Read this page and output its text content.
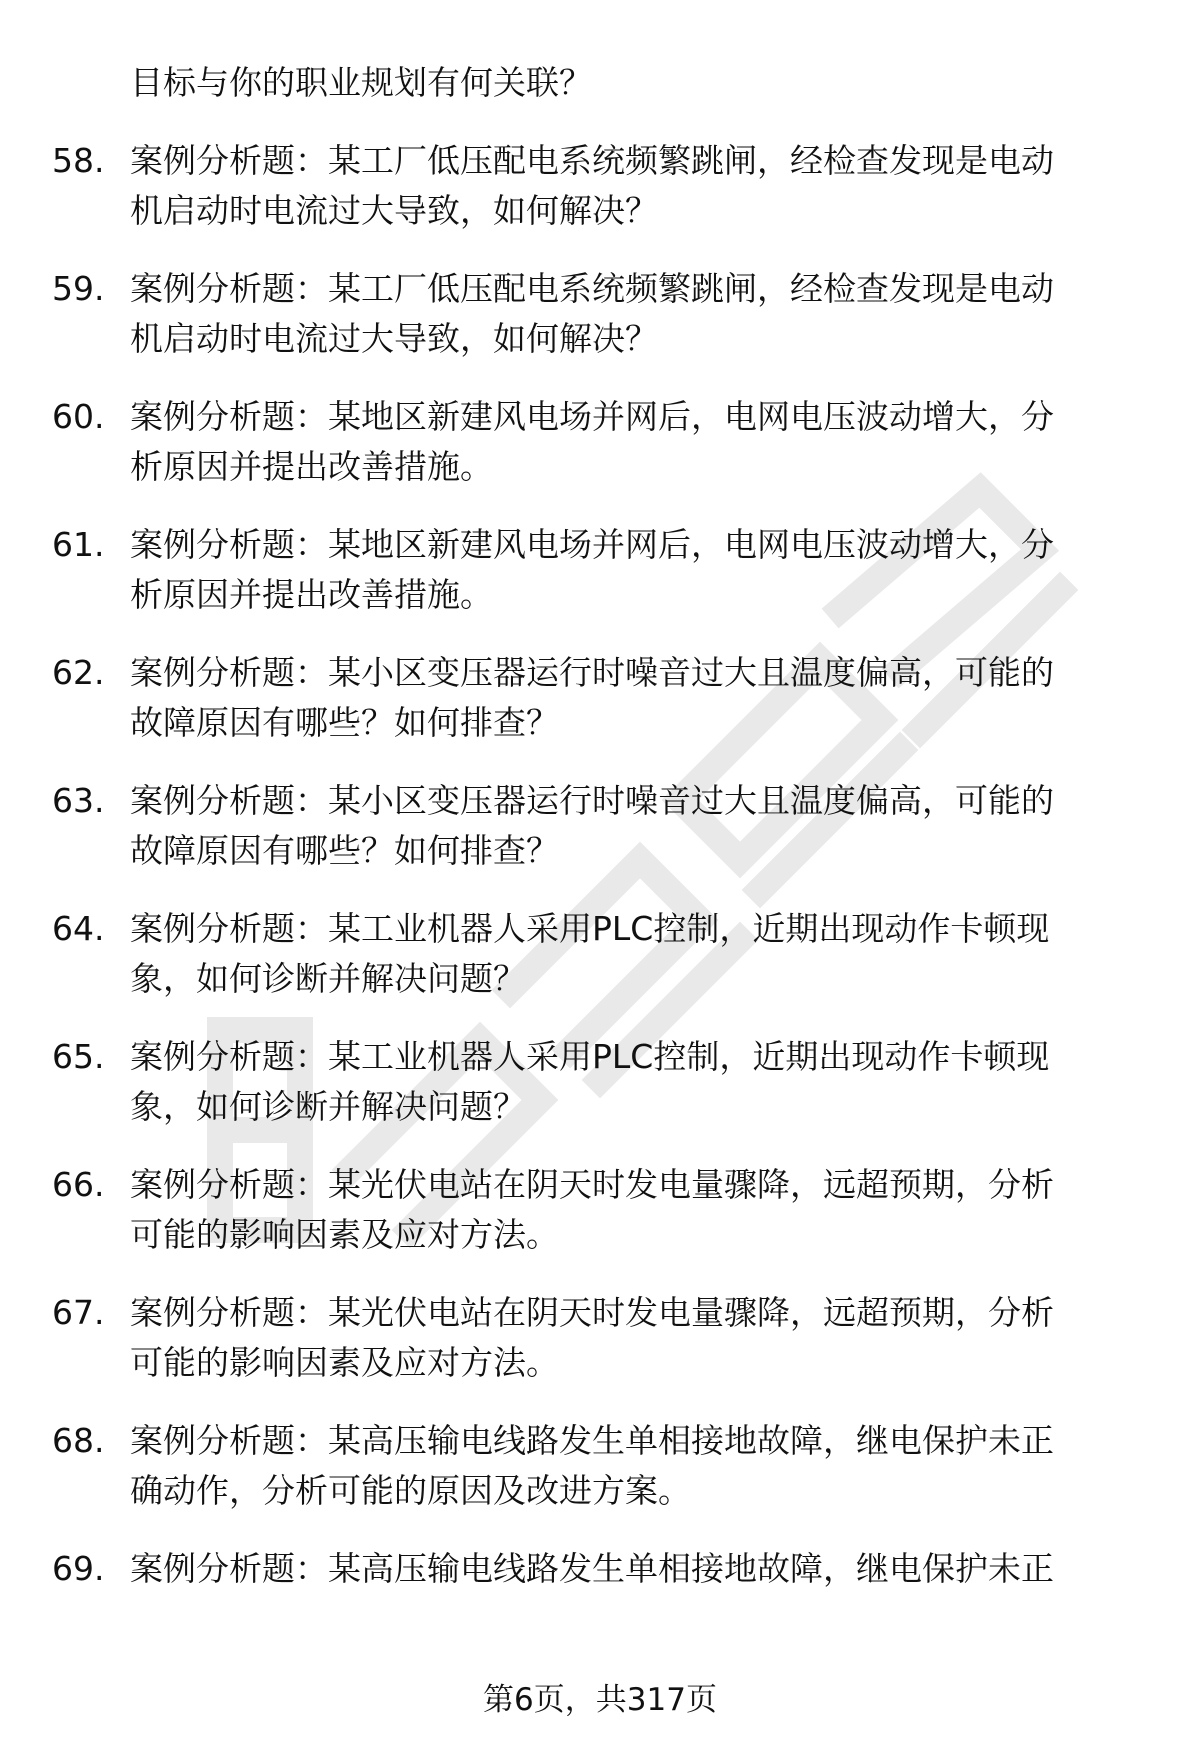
目标与你的职业规划有何关联？
58. 案例分析题：某工厂低压配电系统频繁跳闸，经检查发现是电动
机启动时电流过大导致，如何解决？
59. 案例分析题：某工厂低压配电系统频繁跳闸，经检查发现是电动
机启动时电流过大导致，如何解决？
60. 案例分析题：某地区新建风电场并网后，电网电压波动增大，分
析原因并提出改善措施。
61. 案例分析题：某地区新建风电场并网后，电网电压波动增大，分
析原因并提出改善措施。
62. 案例分析题：某小区变压器运行时噪音过大且温度偏高，可能的
故障原因有哪些？如何排查？
63. 案例分析题：某小区变压器运行时噪音过大且温度偏高，可能的
故障原因有哪些？如何排查？
64. 案例分析题：某工业机器人采用PLC控制，近期出现动作卡顿现
象，如何诊断并解决问题？
65. 案例分析题：某工业机器人采用PLC控制，近期出现动作卡顿现
象，如何诊断并解决问题？
66. 案例分析题：某光伏电站在阴天时发电量骤降，远超预期，分析
可能的影响因素及应对方法。
67. 案例分析题：某光伏电站在阴天时发电量骤降，远超预期，分析
可能的影响因素及应对方法。
68. 案例分析题：某高压输电线路发生单相接地故障，继电保护未正
确动作，分析可能的原因及改进方案。
69. 案例分析题：某高压输电线路发生单相接地故障，继电保护未正
第6页，共317页
